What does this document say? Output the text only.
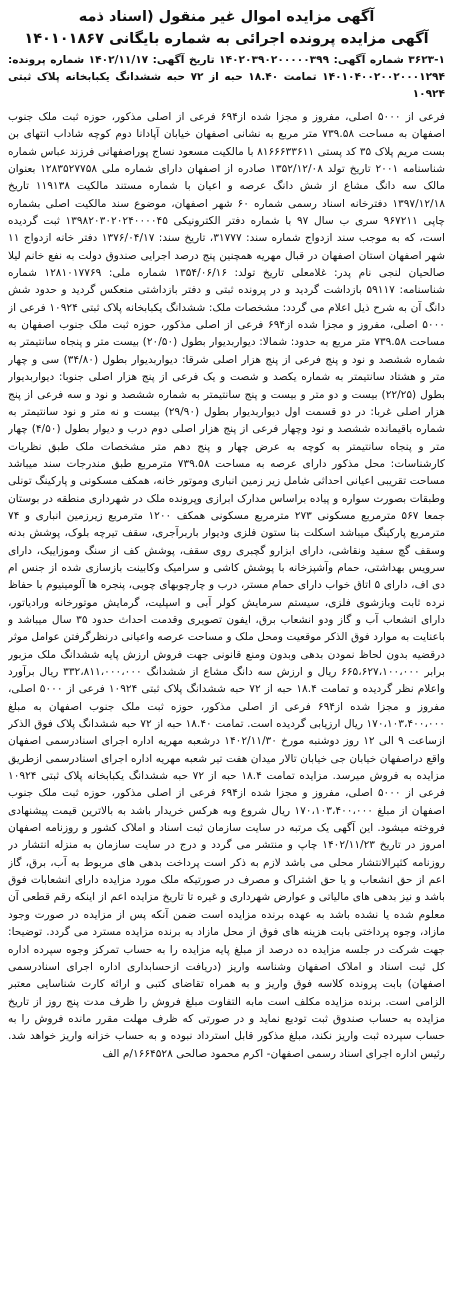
آگهی مزایده اموال غیر منقول (اسناد ذمه
آگهی مزایده پرونده اجرائی به شماره بایگانی ۱۴۰۱۰۱۸۶۷

۳۶۲۳-۱ شماره آگهی: ۱۴۰۲۰۳۹۰۲۰۰۰۰۰۳۹۹ تاریخ آگهی: ۱۴۰۲/۱۱/۱۷ شماره پرونده: ۱۴۰۱۰۴۰۰۲۰۰۲۰۰۰۱۲۹۴ تمامت ۱۸.۴۰ حبه از ۷۲ حبه ششدانگ یکبابخانه پلاک ثبتی ۱۰۹۲۴

فرعی از ۵۰۰۰ اصلی، مفروز و مجزا شده از۶۹۴ فرعی از اصلی مذکور، حوزه ثبت ملک جنوب اصفهان به مساحت ۷۳۹.۵۸ متر مربع به نشانی اصفهان خیابان آپادانا دوم کوچه شاداب انتهای بن بست مریم پلاک ۳۵ کد پستی ۸۱۶۶۶۳۳۶۱۱ با مالکیت مسعود نساج پوراصفهانی فرزند عباس شماره شناسنامه ۲۰۰۱ تاریخ تولد ۱۳۵۲/۱۲/۰۸ صادره از اصفهان دارای شماره ملی ۱۲۸۳۵۲۷۷۵۸ بعنوان مالک سه دانگ مشاع از شش دانگ عرصه و اعیان با شماره مستند مالکیت ۱۱۹۱۳۸ تاریخ ۱۳۹۷/۱۲/۱۸ دفترخانه اسناد رسمی شماره ۶۰ شهر اصفهان، موضوع سند مالکیت اصلی بشماره چاپی ۹۶۷۲۱۱ سری ب سال ۹۷ با شماره دفتر الکترونیکی ۱۳۹۸۲۰۳۰۲۰۲۴۰۰۰۰۴۵ ثبت گردیده است، که به موجب سند ازدواج شماره سند: ۳۱۷۷۷، تاریخ سند: ۱۳۷۶/۰۴/۱۷ دفتر خانه ازدواج ۱۱ شهر اصفهان استان اصفهان در قبال مهریه همچنین پنج درصد اجرایی صندوق دولت به نفع خانم لیلا صالحیان لنجی نام پدر: غلامعلی تاریخ تولد: ۱۳۵۴/۰۶/۱۶ شماره ملی: ۱۲۸۱۰۱۷۷۶۹ شماره شناسنامه: ۵۹۱۱۷ بازداشت گردید و در پرونده ثبتی و دفتر بازداشتی منعکس گردید و حدود شش دانگ آن به شرح ذیل اعلام می گردد: مشخصات ملک: ششدانگ یکبابخانه پلاک ثبتی ۱۰۹۲۴ فرعی از ۵۰۰۰ اصلی، مفروز و مجزا شده از۶۹۴ فرعی از اصلی مذکور، حوزه ثبت ملک جنوب اصفهان به مساحت ۷۳۹.۵۸ متر مربع به حدود: شمالا: دیواربدیوار بطول (۲۰/۵۰) بیست متر و پنجاه سانتیمتر به شماره ششصد و نود و پنج فرعی از پنج هزار اصلی شرقا: دیواربدیوار بطول (۳۴/۸۰) سی و چهار متر و هشتاد سانتیمتر به شماره یکصد و شصت و یک فرعی از پنج هزار اصلی جنوبا: دیواربدیوار بطول (۲۲/۲۵) بیست و دو متر و بیست و پنج سانتیمتر به شماره ششصد و نود و سه فرعی از پنج هزار اصلی غربا: در دو قسمت اول دیواربدیوار بطول (۲۹/۹۰) بیست و نه متر و نود سانتیمتر به شماره باقیمانده ششصد و نود وچهار فرعی از پنج هزار اصلی دوم درب و دیوار بطول (۴/۵۰) چهار متر و پنجاه سانتیمتر به کوچه به عرض چهار و پنج دهم متر مشخصات ملک طبق نظریات کارشناسات: محل مذکور دارای عرصه به مساحت ۷۳۹.۵۸ مترمربع طبق مندرجات سند میباشد مساحت تقریبی اعیانی احداثی شامل زیر زمین انباری وموتور خانه، همکف مسکونی و پارکینگ تونلی وطبقات بصورت سواره و پیاده براساس مدارک ابرازی وپرونده ملک در شهرداری منطقه در بوستان جمعا ۵۶۷ مترمربع مسکونی ۲۷۳ مترمربع مسکونی همکف ۱۲۰۰ مترمربع زیرزمین انباری و ۷۴ مترمربع پارکینگ میباشد اسکلت بنا ستون فلزی ودیوار باربرآجری، سقف تیرچه بلوک، پوشش بدنه وسقف گچ سفید ونقاشی، دارای ابزارو گچبری روی سقف، پوشش کف از سنگ وموزاییک، دارای سرویس بهداشتی، حمام وآشپزخانه با پوشش کاشی و سرامیک وکابینت بازسازی شده از جنس ام دی اف، دارای ۵ اتاق خواب دارای حمام مستر، درب و چارچوبهای چوبی، پنجره ها آلومینیوم با حفاظ نرده ثابت وبازشوی فلزی، سیستم سرمایش کولر آبی و اسپلیت، گرمایش موتورخانه ورادیاتور، دارای انشعاب آب و گاز ودو انشعاب برق، ایفون تصویری وقدمت احداث حدود ۳۵ سال میباشد و باعنایت به موارد فوق الذکر موقعیت ومحل ملک و مساحت عرصه واعیانی درنظرگرفتن عوامل موثر درقضیه بدون لحاظ نمودن بدهی وبدون ومنع قانونی جهت فروش ارزش پایه ششدانگ ملک مزبور برابر ۶۶۵،۶۲۷،۱۰۰،۰۰۰ ریال و ارزش سه دانگ مشاع از ششدانگ ۳۳۲،۸۱۱،۰۰۰،۰۰۰ ریال برآورد واعلام نظر گردیده و تمامت ۱۸.۴ حبه از ۷۲ حبه ششدانگ پلاک ثبتی ۱۰۹۲۴ فرعی از ۵۰۰۰ اصلی، مفروز و مجزا شده از۶۹۴ فرعی از اصلی مذکور، حوزه ثبت ملک جنوب اصفهان به مبلغ ۱۷۰،۱۰۳،۴۰۰،۰۰۰ ریال ارزیابی گردیده است. تمامت ۱۸.۴۰ حبه از ۷۲ حبه ششدانگ پلاک فوق الذکر ازساعت ۹ الی ۱۲ روز دوشنبه مورخ ۱۴۰۲/۱۱/۳۰ درشعبه مهریه اداره اجرای اسنادرسمی اصفهان واقع دراصفهان خیابان جی خیابان تالار میدان هفت تیر شعبه مهریه اداره اجرای اسنادرسمی ازطریق مزایده به فروش میرسد. مزایده تمامت ۱۸.۴ حبه از ۷۲ حبه ششدانگ یکبابخانه پلاک ثبتی ۱۰۹۲۴ فرعی از ۵۰۰۰ اصلی، مفروز و مجزا شده از۶۹۴ فرعی از اصلی مذکور، حوزه ثبت ملک جنوب اصفهان از مبلغ ۱۷۰،۱۰۳،۴۰۰،۰۰۰ ریال شروع وبه هرکس خریدار باشد به بالاترین قیمت پیشنهادی فروخته میشود. این آگهی یک مرتبه در سایت سازمان ثبت اسناد و املاک کشور و روزنامه اصفهان امروز در تاریخ ۱۴۰۲/۱۱/۲۳ چاپ و منتشر می گردد و درج در سایت سازمان به منزله انتشار در روزنامه کثیرالانتشار محلی می باشد لازم به ذکر است پرداخت بدهی های مربوط به آب، برق، گاز اعم از حق انشعاب و یا حق اشتراک و مصرف در صورتیکه ملک مورد مزایده دارای انشعابات فوق باشد و نیز بدهی های مالیاتی و عوارض شهرداری و غیره تا تاریخ مزایده اعم از اینکه رقم قطعی آن معلوم شده یا نشده باشد به عهده برنده مزایده است ضمن آنکه پس از مزایده در صورت وجود مازاد، وجوه پرداختی بابت هزینه های فوق از محل مازاد به برنده مزایده مسترد می گردد. توضیحا: جهت شرکت در جلسه مزایده ده درصد از مبلغ پایه مزایده را به حساب تمرکز وجوه سپرده اداره کل ثبت اسناد و املاک اصفهان وشناسه واریز (دریافت ازحسابداری اداره اجرای اسنادرسمی اصفهان) بابت پرونده کلاسه فوق واریز و به همراه تقاضای کتبی و ارائه کارت شناسایی معتبر الزامی است. برنده مزایده مکلف است مابه التفاوت مبلغ فروش را ظرف مدت پنج روز از تاریخ مزایده به حساب صندوق ثبت تودیع نماید و در صورتی که ظرف مهلت مقرر مانده فروش را به حساب سپرده ثبت واریز نکند، مبلغ مذکور قابل استرداد نبوده و به حساب خزانه واریز خواهد شد. رئیس اداره اجرای اسناد رسمی اصفهان- اکرم محمود صالحی ۱۶۶۴۵۲۸/م الف
